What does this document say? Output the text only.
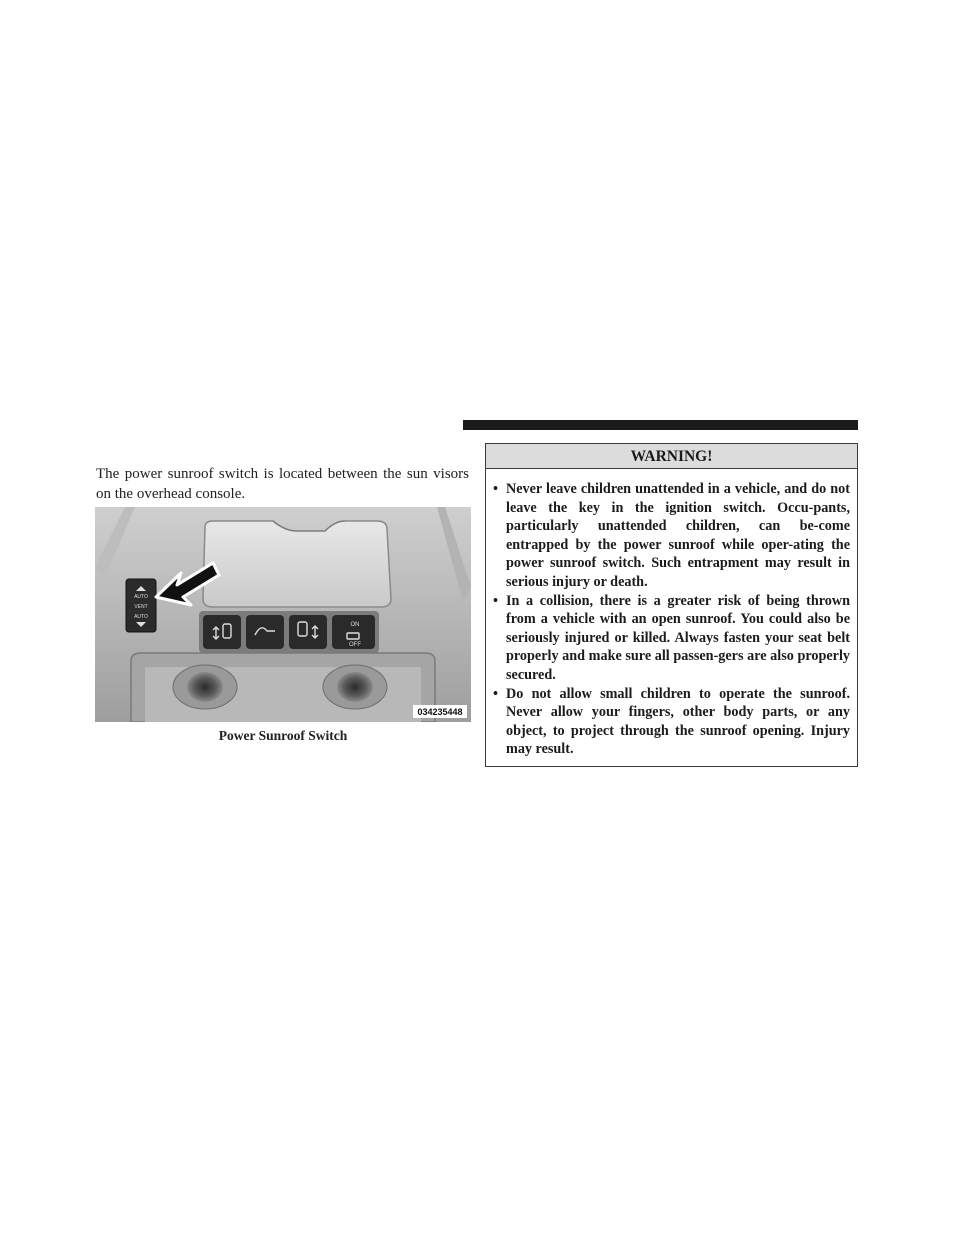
The power sunroof switch is located between the sun visors on the overhead console.

AUTO
VENT
AUTO
ON
OFF
034235448
Power Sunroof Switch
WARNING!
• Never leave children unattended in a vehicle, and do not leave the key in the ignition switch. Occu-pants, particularly unattended children, can be-come entrapped by the power sunroof while oper-ating the power sunroof switch. Such entrapment may result in serious injury or death.
• In a collision, there is a greater risk of being thrown from a vehicle with an open sunroof. You could also be seriously injured or killed. Always fasten your seat belt properly and make sure all passen-gers are also properly secured.
• Do not allow small children to operate the sunroof. Never allow your fingers, other body parts, or any object, to project through the sunroof opening. Injury may result.
